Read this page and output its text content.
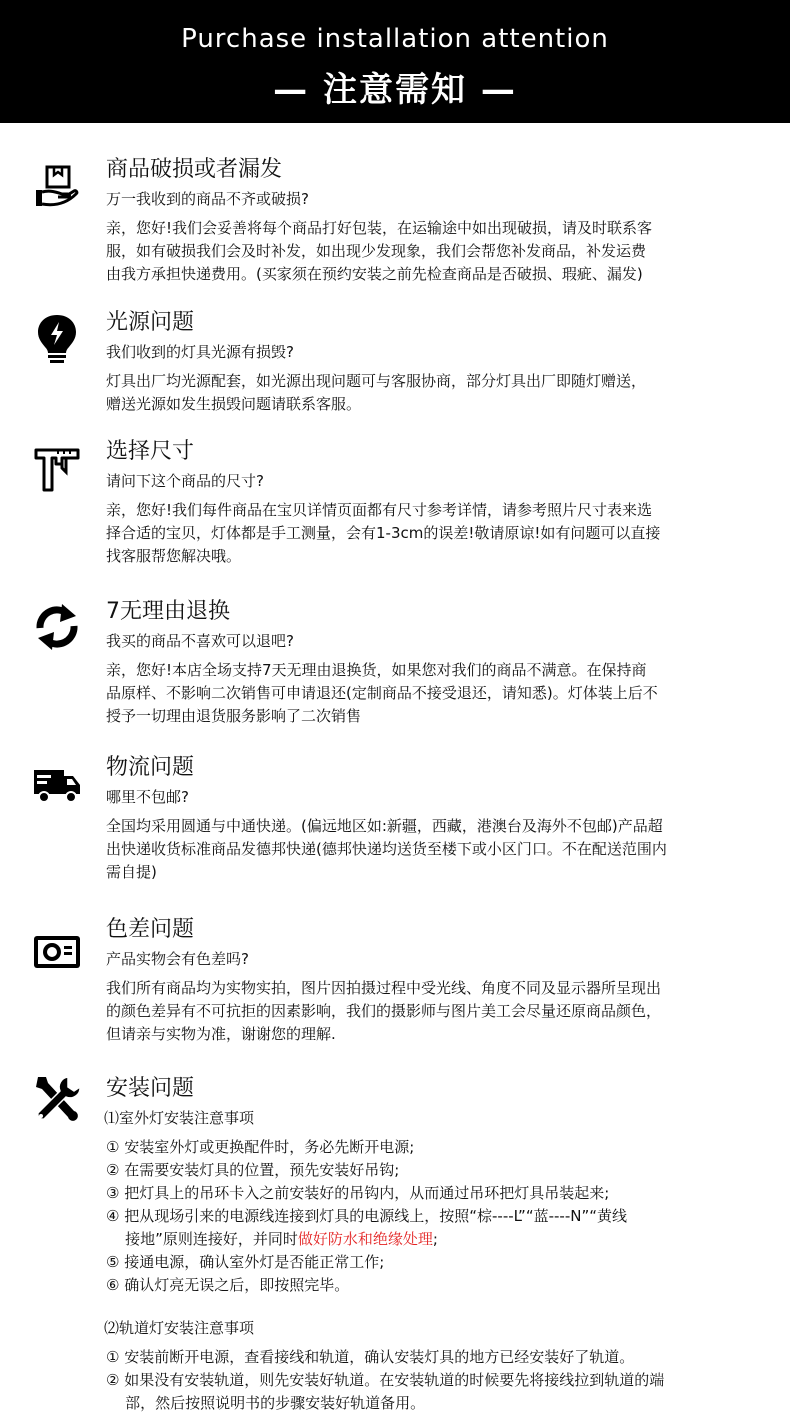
Purchase installation attention
— 注意需知 —
商品破损或者漏发
万一我收到的商品不齐或破损?
亲，您好!我们会妥善将每个商品打好包装，在运输途中如出现破损，请及时联系客
服，如有破损我们会及时补发，如出现少发现象，我们会帮您补发商品，补发运费
由我方承担快递费用。(买家须在预约安装之前先检查商品是否破损、瑕疵、漏发)
光源问题
我们收到的灯具光源有损毁?
灯具出厂均光源配套，如光源出现问题可与客服协商，部分灯具出厂即随灯赠送，
赠送光源如发生损毁问题请联系客服。
选择尺寸
请问下这个商品的尺寸?
亲，您好!我们每件商品在宝贝详情页面都有尺寸参考详情，请参考照片尺寸表来选
择合适的宝贝，灯体都是手工测量，会有1-3cm的误差!敬请原谅!如有问题可以直接
找客服帮您解决哦。
7无理由退换
我买的商品不喜欢可以退吧?
亲，您好!本店全场支持7天无理由退换货，如果您对我们的商品不满意。在保持商
品原样、不影响二次销售可申请退还(定制商品不接受退还，请知悉)。灯体装上后不
授予一切理由退货服务影响了二次销售
物流问题
哪里不包邮?
全国均采用圆通与中通快递。(偏远地区如:新疆，西藏，港澳台及海外不包邮)产品超
出快递收货标准商品发德邦快递(德邦快递均送货至楼下或小区门口。不在配送范围内
需自提)
色差问题
产品实物会有色差吗?
我们所有商品均为实物实拍，图片因拍摄过程中受光线、角度不同及显示器所呈现出
的颜色差异有不可抗拒的因素影响，我们的摄影师与图片美工会尽量还原商品颜色，
但请亲与实物为准，谢谢您的理解.
安装问题
⑴室外灯安装注意事项
① 安装室外灯或更换配件时，务必先断开电源;
② 在需要安装灯具的位置，预先安装好吊钩;
③ 把灯具上的吊环卡入之前安装好的吊钩内，从而通过吊环把灯具吊装起来;
④ 把从现场引来的电源线连接到灯具的电源线上，按照“棕----L”“蓝----N”“黄线
接地”原则连接好，并同时做好防水和绝缘处理;
⑤ 接通电源，确认室外灯是否能正常工作;
⑥ 确认灯亮无误之后，即按照完毕。
⑵轨道灯安装注意事项
① 安装前断开电源，查看接线和轨道，确认安装灯具的地方已经安装好了轨道。
② 如果没有安装轨道，则先安装好轨道。在安装轨道的时候要先将接线拉到轨道的端
部，然后按照说明书的步骤安装好轨道备用。
